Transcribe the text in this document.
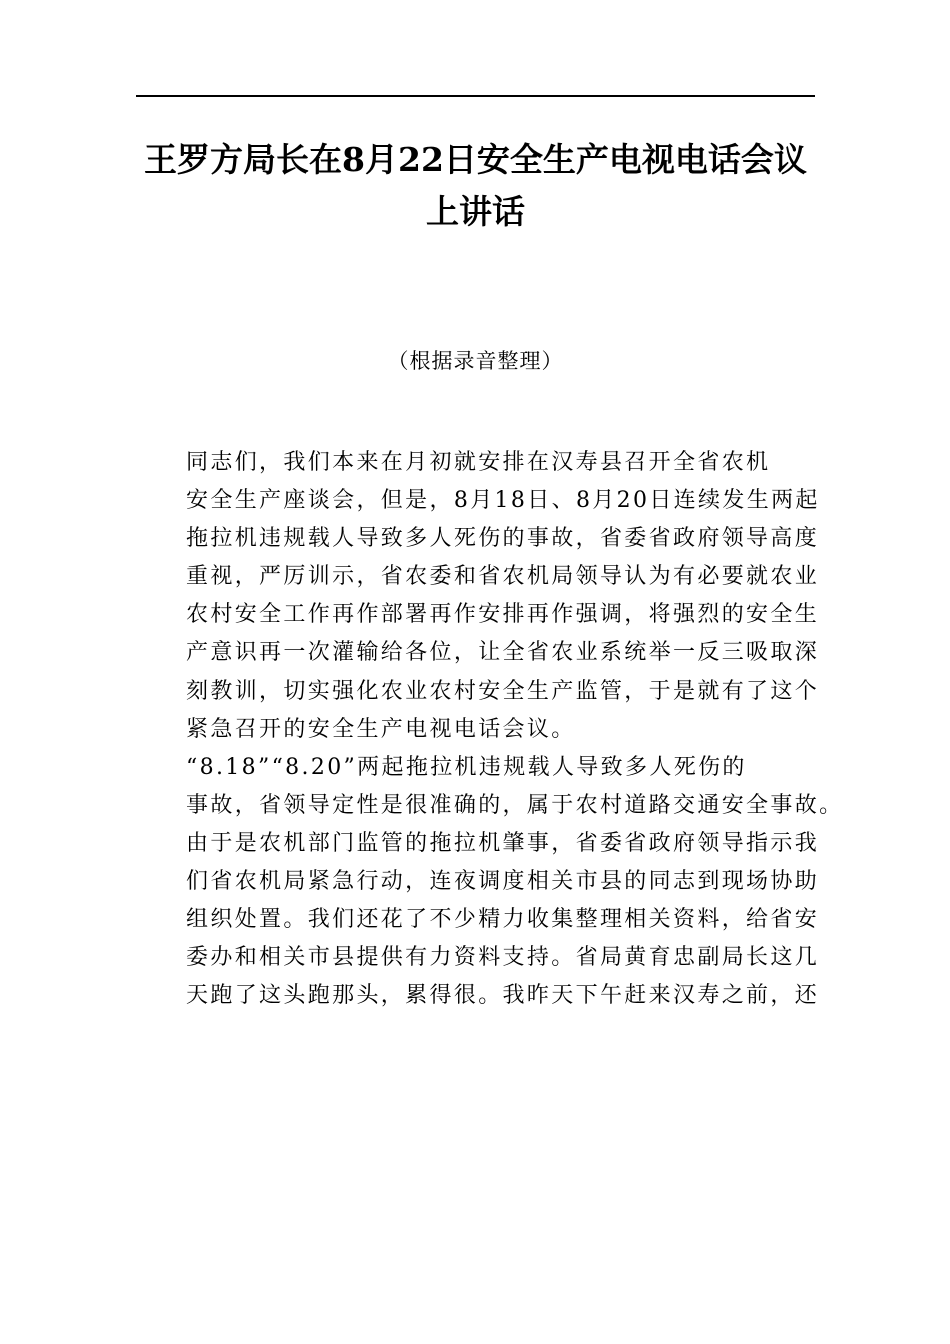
王罗方局长在8月22日安全生产电视电话会议上讲话

（根据录音整理）

同志们，我们本来在月初就安排在汉寿县召开全省农机
安全生产座谈会，但是，8月18日、8月20日连续发生两起
拖拉机违规载人导致多人死伤的事故，省委省政府领导高度
重视，严厉训示，省农委和省农机局领导认为有必要就农业
农村安全工作再作部署再作安排再作强调，将强烈的安全生
产意识再一次灌输给各位，让全省农业系统举一反三吸取深
刻教训，切实强化农业农村安全生产监管，于是就有了这个
紧急召开的安全生产电视电话会议。

“8.18”“8.20”两起拖拉机违规载人导致多人死伤的
事故，省领导定性是很准确的，属于农村道路交通安全事故。
由于是农机部门监管的拖拉机肇事，省委省政府领导指示我
们省农机局紧急行动，连夜调度相关市县的同志到现场协助
组织处置。我们还花了不少精力收集整理相关资料，给省安
委办和相关市县提供有力资料支持。省局黄育忠副局长这几
天跑了这头跑那头，累得很。我昨天下午赶来汉寿之前，还
